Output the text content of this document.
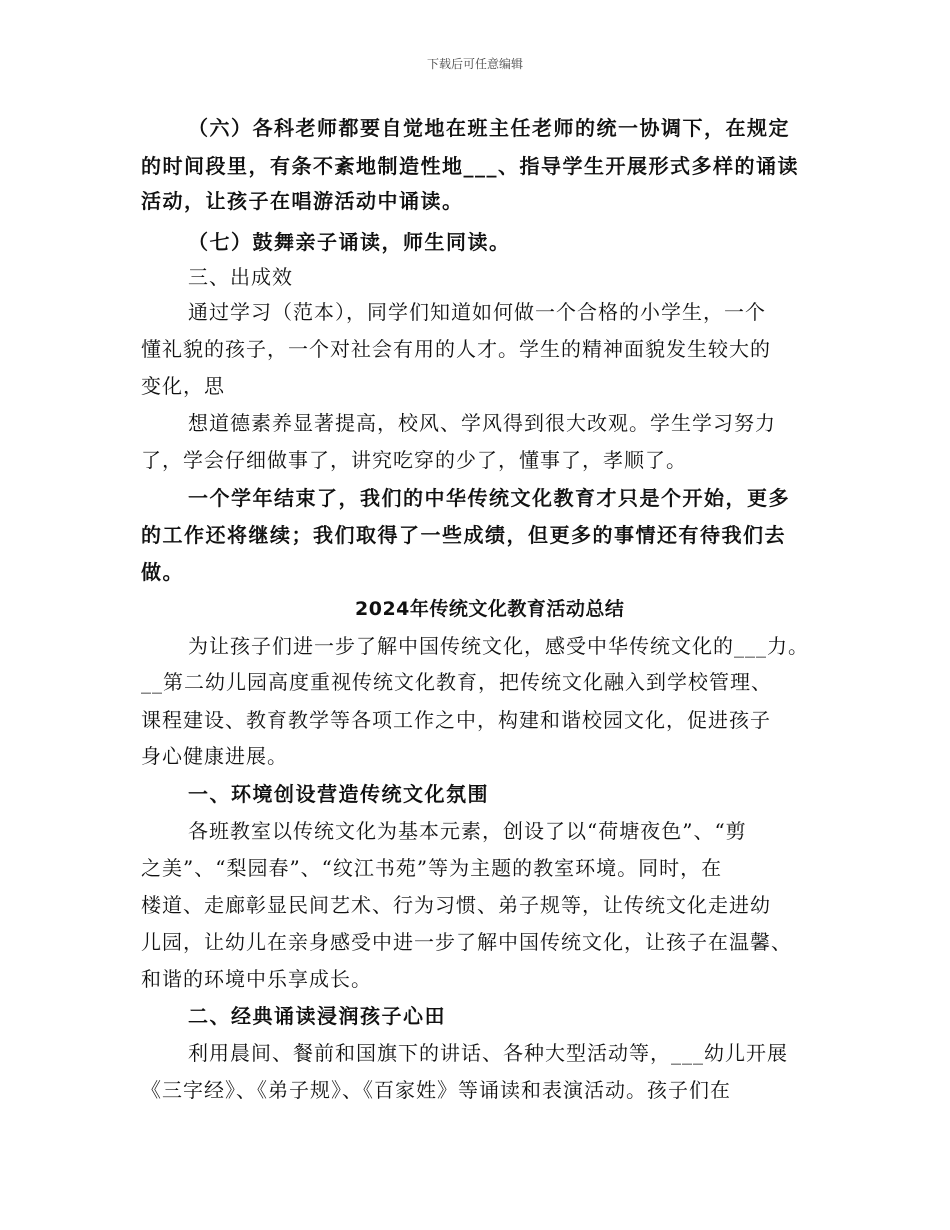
下载后可任意编辑
（六）各科老师都要自觉地在班主任老师的统一协调下，在规定
的时间段里，有条不紊地制造性地___、指导学生开展形式多样的诵读
活动，让孩子在唱游活动中诵读。
（七）鼓舞亲子诵读，师生同读。
三、出成效
通过学习（范本），同学们知道如何做一个合格的小学生，一个
懂礼貌的孩子，一个对社会有用的人才。学生的精神面貌发生较大的
变化，思
想道德素养显著提高，校风、学风得到很大改观。学生学习努力
了，学会仔细做事了，讲究吃穿的少了，懂事了，孝顺了。
一个学年结束了，我们的中华传统文化教育才只是个开始，更多
的工作还将继续；我们取得了一些成绩，但更多的事情还有待我们去
做。
2024年传统文化教育活动总结
为让孩子们进一步了解中国传统文化，感受中华传统文化的___力。
__第二幼儿园高度重视传统文化教育，把传统文化融入到学校管理、
课程建设、教育教学等各项工作之中，构建和谐校园文化，促进孩子
身心健康进展。
一、环境创设营造传统文化氛围
各班教室以传统文化为基本元素，创设了以“荷塘夜色”、“剪
之美”、“梨园春”、“纹江书苑”等为主题的教室环境。同时，在
楼道、走廊彰显民间艺术、行为习惯、弟子规等，让传统文化走进幼
儿园，让幼儿在亲身感受中进一步了解中国传统文化，让孩子在温馨、
和谐的环境中乐享成长。
二、经典诵读浸润孩子心田
利用晨间、餐前和国旗下的讲话、各种大型活动等，___幼儿开展
《三字经》、《弟子规》、《百家姓》等诵读和表演活动。孩子们在
